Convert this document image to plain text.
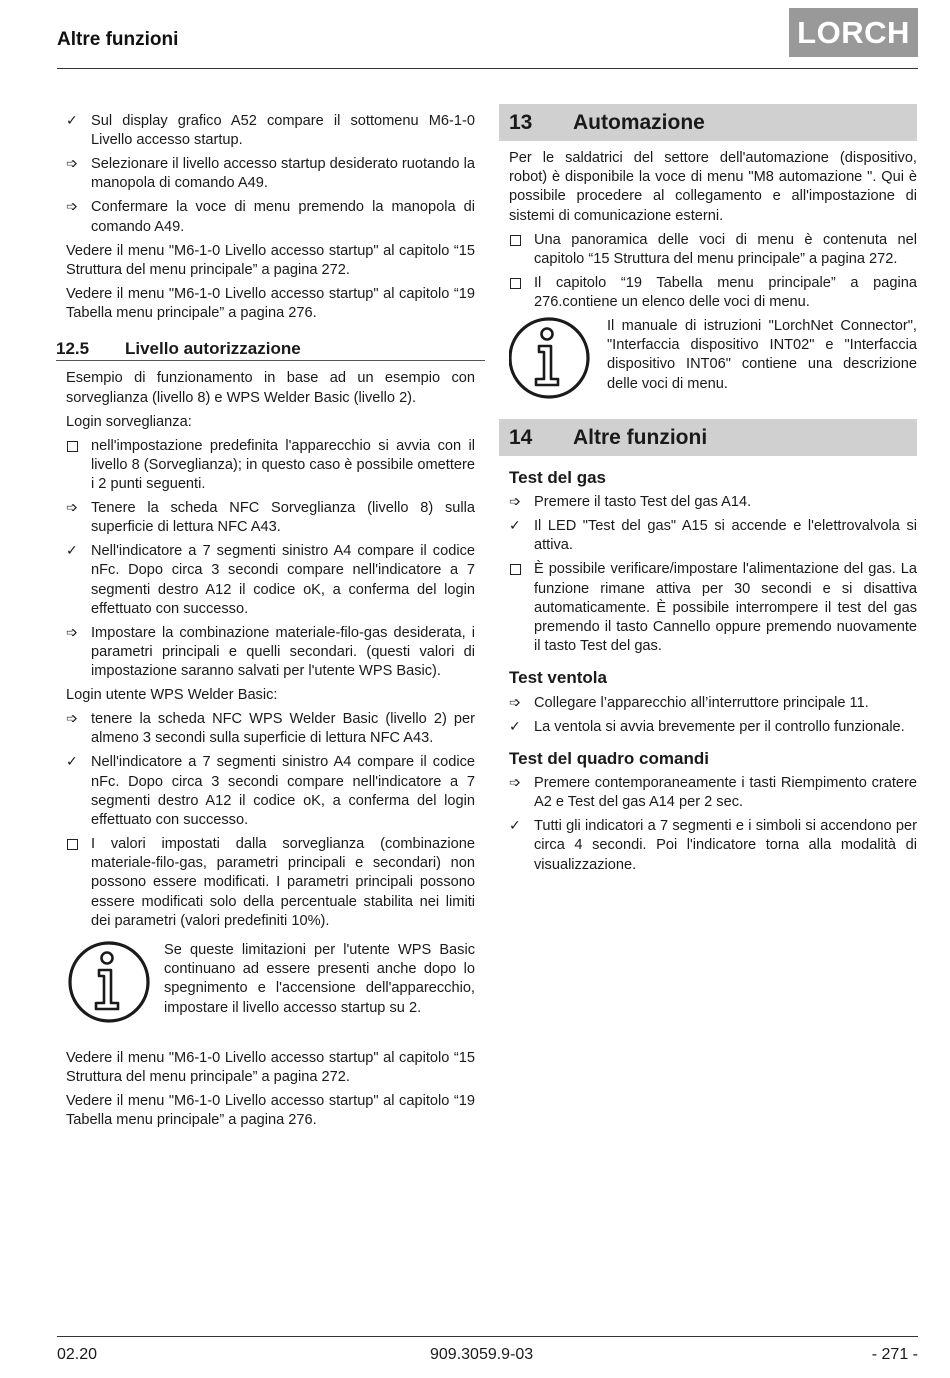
Altre funzioni	LORCH
✓ Sul display grafico A52 compare il sottomenu M6-1-0 Livello accesso startup.
➩ Selezionare il livello accesso startup desiderato ruotando la manopola di comando A49.
➩ Confermare la voce di menu premendo la manopola di comando A49.

Vedere il menu "M6-1-0 Livello accesso startup" al capitolo “15 Struttura del menu principale” a pagina 272.

Vedere il menu "M6-1-0 Livello accesso startup" al capitolo “19 Tabella menu principale” a pagina 276.

12.5	Livello autorizzazione

Esempio di funzionamento in base ad un esempio con sorveglianza (livello 8) e WPS Welder Basic (livello 2).

Login sorveglianza:

nell'impostazione predefinita l'apparecchio si avvia con il livello 8 (Sorveglianza); in questo caso è possibile omettere i 2 punti seguenti.
➩ Tenere la scheda NFC Sorveglianza (livello 8) sulla superficie di lettura NFC A43.
✓ Nell'indicatore a 7 segmenti sinistro A4 compare il codice nFc. Dopo circa 3 secondi compare nell'indicatore a 7 segmenti destro A12 il codice oK, a conferma del login effettuato con successo.
➩ Impostare la combinazione materiale-filo-gas desiderata, i parametri principali e quelli secondari. (questi valori di impostazione saranno salvati per l'utente WPS Basic).

Login utente WPS Welder Basic:

➩ tenere la scheda NFC WPS Welder Basic (livello 2) per almeno 3 secondi sulla superficie di lettura NFC A43.
✓ Nell'indicatore a 7 segmenti sinistro A4 compare il codice nFc. Dopo circa 3 secondi compare nell'indicatore a 7 segmenti destro A12 il codice oK, a conferma del login effettuato con successo.
I valori impostati dalla sorveglianza (combinazione materiale-filo-gas, parametri principali e secondari) non possono essere modificati. I parametri principali possono essere modificati solo della percentuale stabilita nei limiti dei parametri (valori predefiniti 10%).
Se queste limitazioni per l'utente WPS Basic continuano ad essere presenti anche dopo lo spegnimento e l'accensione dell'apparecchio, impostare il livello accesso startup su 2.

Vedere il menu "M6-1-0 Livello accesso startup" al capitolo “15 Struttura del menu principale” a pagina 272.

Vedere il menu "M6-1-0 Livello accesso startup" al capitolo “19 Tabella menu principale” a pagina 276.

13	Automazione

Per le saldatrici del settore dell'automazione (dispositivo, robot) è disponibile la voce di menu "M8 automazione ". Qui è possibile procedere al collegamento e all'impostazione di sistemi di comunicazione esterni.

Una panoramica delle voci di menu è contenuta nel capitolo “15 Struttura del menu principale” a pagina 272.
Il capitolo “19 Tabella menu principale” a pagina 276.contiene un elenco delle voci di menu.
Il manuale di istruzioni "LorchNet Connector", "Interfaccia dispositivo INT02" e "Interfaccia dispositivo INT06" contiene una descrizione delle voci di menu.
14	Altre funzioni
Test del gas
➩ Premere il tasto Test del gas A14.
✓ Il LED "Test del gas" A15 si accende e l'elettrovalvola si attiva.
È possibile verificare/impostare l'alimentazione del gas. La funzione rimane attiva per 30 secondi e si disattiva automaticamente. È possibile interrompere il test del gas premendo il tasto Cannello oppure premendo nuovamente il tasto Test del gas.
Test ventola
➩ Collegare l’apparecchio all’interruttore principale 11.
✓ La ventola si avvia brevemente per il controllo funzionale.
Test del quadro comandi
➩ Premere contemporaneamente i tasti Riempimento cratere A2 e Test del gas A14 per 2 sec.
✓ Tutti gli indicatori a 7 segmenti e i simboli si accendono per circa 4 secondi. Poi l'indicatore torna alla modalità di visualizzazione.
02.20	909.3059.9-03	- 271 -
